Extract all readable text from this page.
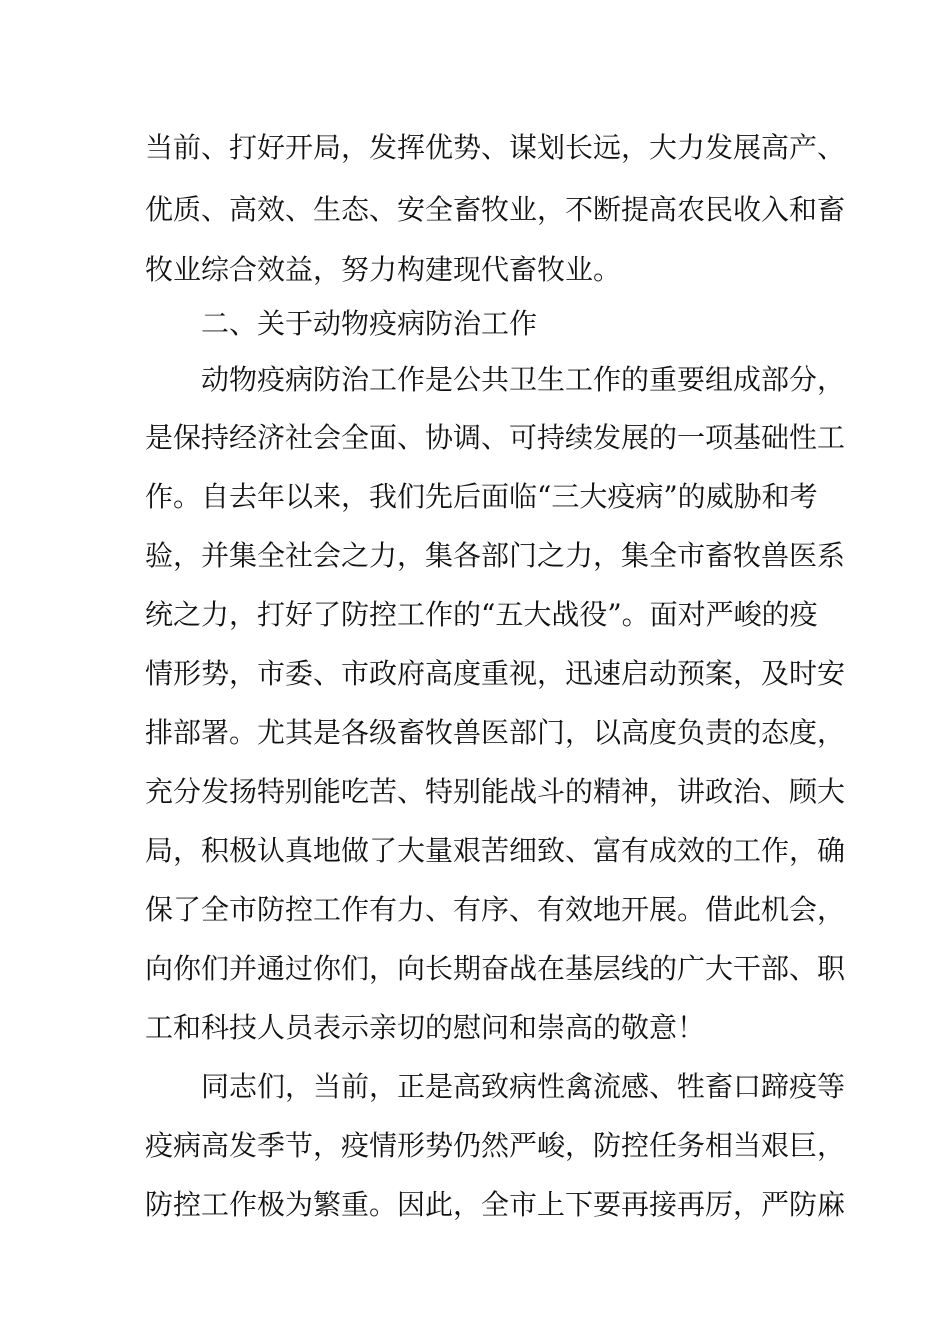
当前、打好开局，发挥优势、谋划长远，大力发展高产、
优质、高效、生态、安全畜牧业，不断提高农民收入和畜
牧业综合效益，努力构建现代畜牧业。
二、关于动物疫病防治工作
动物疫病防治工作是公共卫生工作的重要组成部分，
是保持经济社会全面、协调、可持续发展的一项基础性工
作。自去年以来，我们先后面临“三大疫病”的威胁和考
验，并集全社会之力，集各部门之力，集全市畜牧兽医系
统之力，打好了防控工作的“五大战役”。面对严峻的疫
情形势，市委、市政府高度重视，迅速启动预案，及时安
排部署。尤其是各级畜牧兽医部门，以高度负责的态度，
充分发扬特别能吃苦、特别能战斗的精神，讲政治、顾大
局，积极认真地做了大量艰苦细致、富有成效的工作，确
保了全市防控工作有力、有序、有效地开展。借此机会，
向你们并通过你们，向长期奋战在基层线的广大干部、职
工和科技人员表示亲切的慰问和崇高的敬意！
同志们，当前，正是高致病性禽流感、牲畜口蹄疫等
疫病高发季节，疫情形势仍然严峻，防控任务相当艰巨，
防控工作极为繁重。因此，全市上下要再接再厉，严防麻
